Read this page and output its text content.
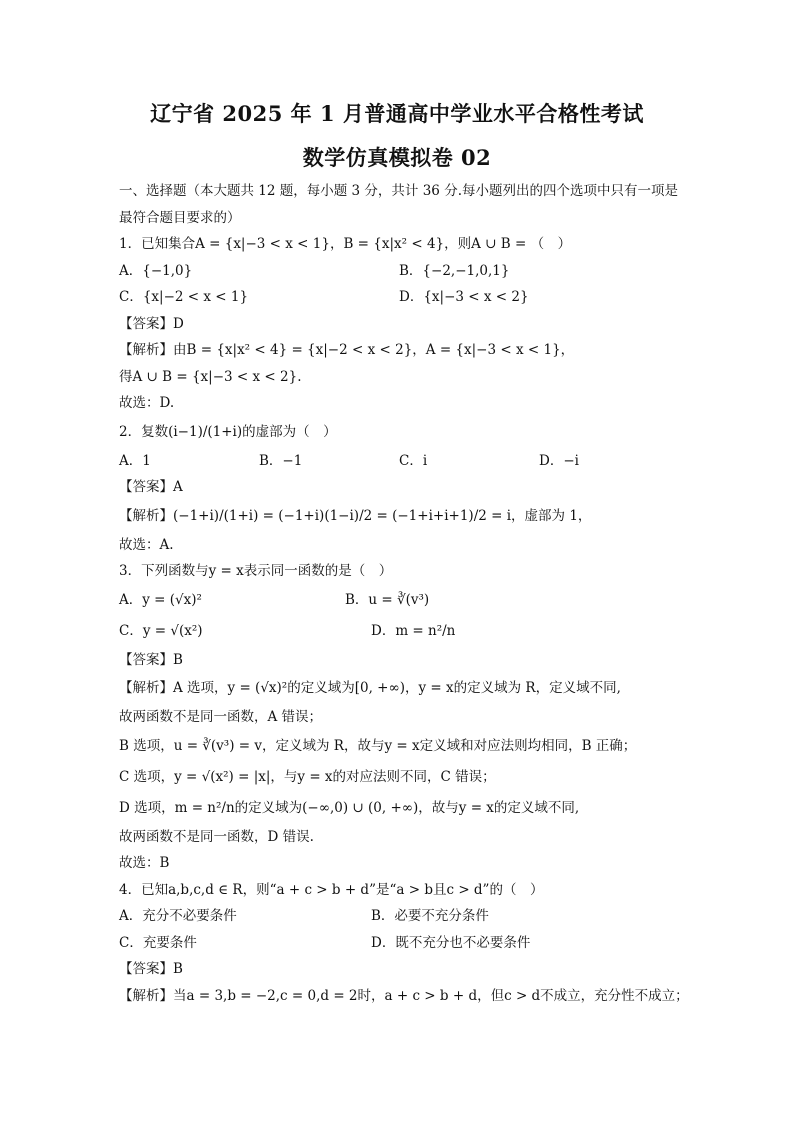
辽宁省 2025 年 1 月普通高中学业水平合格性考试
数学仿真模拟卷 02
一、选择题（本大题共 12 题，每小题 3 分，共计 36 分.每小题列出的四个选项中只有一项是最符合题目要求的）
1．已知集合A = {x|−3 < x < 1}，B = {x|x² < 4}，则A ∪ B = （　）
A．{−1,0}	B．{−2,−1,0,1}
C．{x|−2 < x < 1}	D．{x|−3 < x < 2}
【答案】D
【解析】由B = {x|x² < 4} = {x|−2 < x < 2}，A = {x|−3 < x < 1}，
得A ∪ B = {x|−3 < x < 2}.
故选：D.
2．复数(i−1)/(1+i)的虚部为（　）
A．1	B．−1	C．i	D．−i
【答案】A
【解析】(−1+i)/(1+i) = (−1+i)(1−i)/2 = (−1+i+i+1)/2 = i，虚部为 1，
故选：A.
3．下列函数与y = x表示同一函数的是（　）
A．y = (√x)²	B．u = ∛(v³)
C．y = √(x²)	D．m = n²/n
【答案】B
【解析】A 选项，y = (√x)²的定义域为[0, +∞)，y = x的定义域为 R，定义域不同,
故两函数不是同一函数，A 错误；
B 选项，u = ∛(v³) = v，定义域为 R，故与y = x定义域和对应法则均相同，B 正确；
C 选项，y = √(x²) = |x|，与y = x的对应法则不同，C 错误；
D 选项，m = n²/n的定义域为(−∞,0) ∪ (0, +∞)，故与y = x的定义域不同,
故两函数不是同一函数，D 错误.
故选：B
4．已知a,b,c,d ∈ R，则“a + c > b + d”是“a > b且c > d”的（　）
A．充分不必要条件	B．必要不充分条件
C．充要条件	D．既不充分也不必要条件
【答案】B
【解析】当a = 3,b = −2,c = 0,d = 2时，a + c > b + d，但c > d不成立，充分性不成立；
